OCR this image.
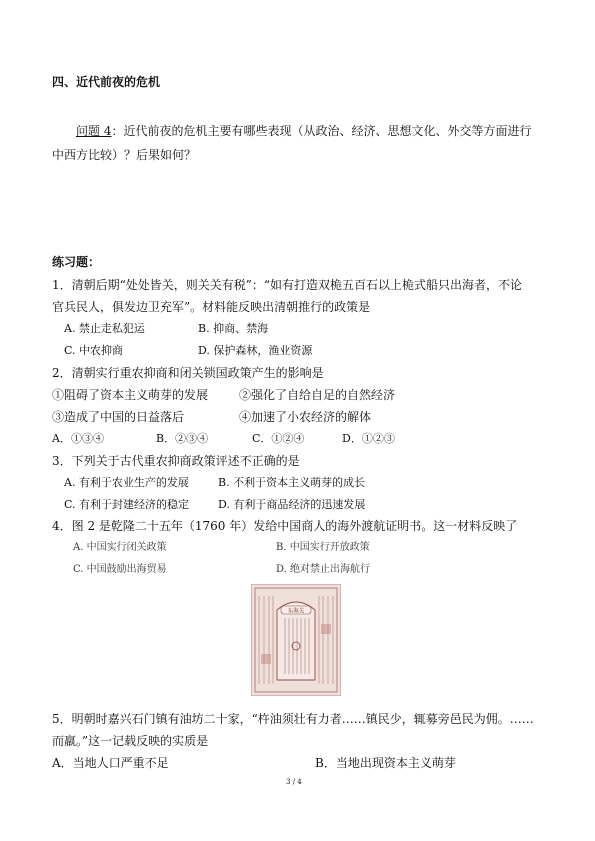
四、近代前夜的危机
问题 4：近代前夜的危机主要有哪些表现（从政治、经济、思想文化、外交等方面进行
中西方比较）？后果如何？
练习题：
1．清朝后期“处处皆关，则关关有税”：“如有打造双桅五百石以上桅式船只出海者，不论
官兵民人，俱发边卫充军”。材料能反映出清朝推行的政策是
A. 禁止走私犯运	B. 抑商、禁海
C. 中农抑商	D. 保护森林，渔业资源
2．清朝实行重农抑商和闭关锁国政策产生的影响是
①阻碍了资本主义萌芽的发展	②强化了自给自足的自然经济
③造成了中国的日益落后	④加速了小农经济的解体
A．①③④	B．②③④	C．①②④	D．①②③
3．下列关于古代重农抑商政策评述不正确的是
A. 有利于农业生产的发展	B. 不利于资本主义萌芽的成长
C. 有利于封建经济的稳定	D. 有利于商品经济的迅速发展
4．图 2 是乾隆二十五年（1760 年）发给中国商人的海外渡航证明书。这一材料反映了
A. 中国实行闭关政策	B. 中国实行开放政策
C. 中国鼓励出海贸易	D. 绝对禁止出海航行
东海关
5．明朝时嘉兴石门镇有油坊二十家，“杵油须壮有力者……镇民少，辄募旁邑民为佣。……
而羸。”这一记载反映的实质是
A．当地人口严重不足	B．当地出现资本主义萌芽
3 / 4
